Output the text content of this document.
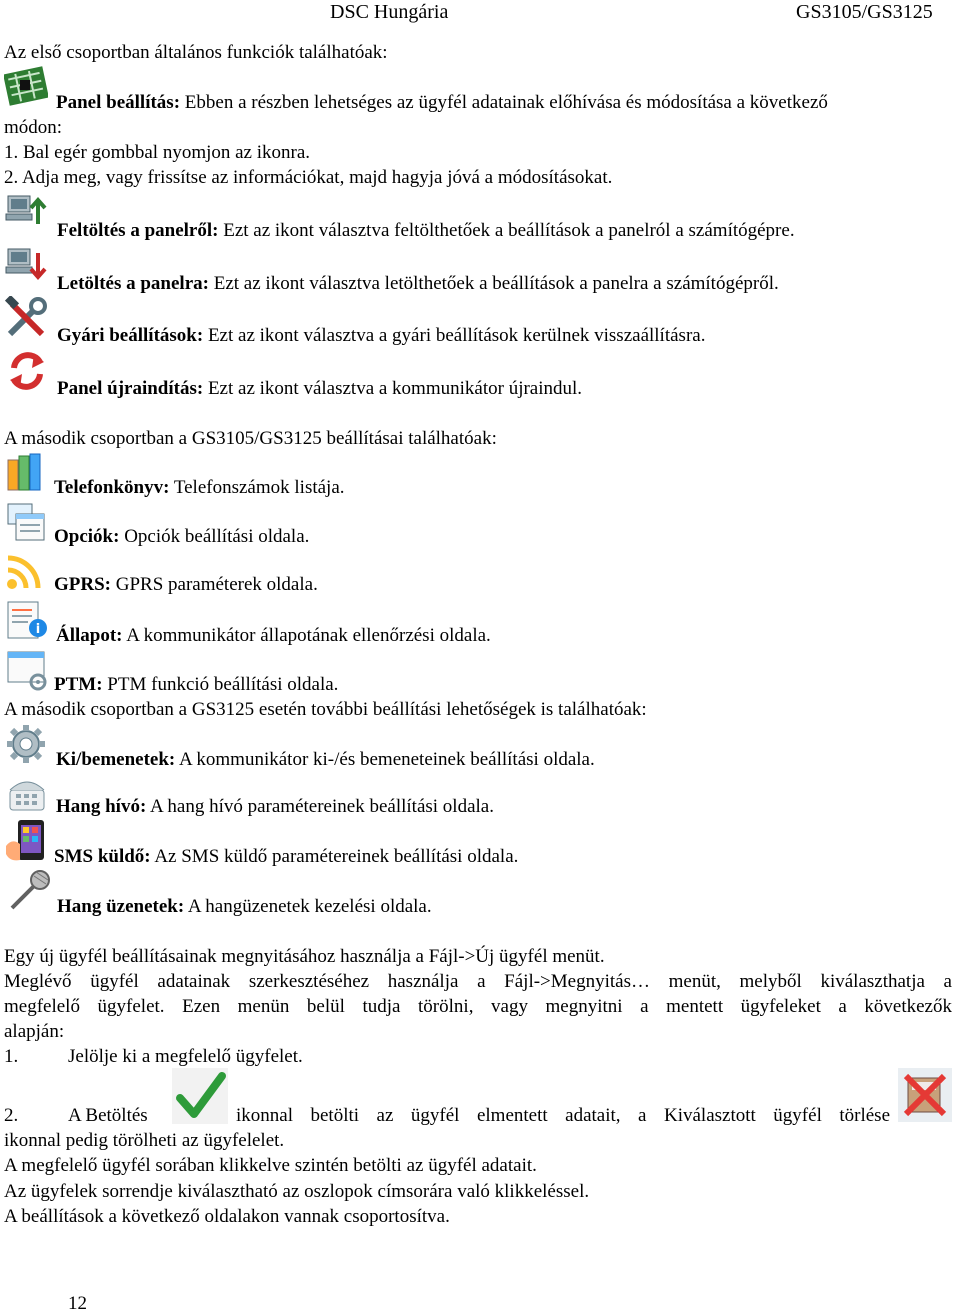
DSC Hungária	GS3105/GS3125
Az első csoportban általános funkciók találhatóak:
Panel beállítás: Ebben a részben lehetséges az ügyfél adatainak előhívása és módosítása a következő
módon:
1. Bal egér gombbal nyomjon az ikonra.
2. Adja meg, vagy frissítse az információkat, majd hagyja jóvá a módosításokat.
Feltöltés a panelről: Ezt az ikont választva feltölthetőek a beállítások a panelról a számítógépre.
Letöltés a panelra: Ezt az ikont választva letölthetőek a beállítások a panelra a számítógépről.
Gyári beállítások: Ezt az ikont választva a gyári beállítások kerülnek visszaállításra.
Panel újraindítás: Ezt az ikont választva a kommunikátor újraindul.
A második csoportban a GS3105/GS3125 beállításai találhatóak:
Telefonkönyv: Telefonszámok listája.
Opciók: Opciók beállítási oldala.
GPRS: GPRS paraméterek oldala.
i Állapot: A kommunikátor állapotának ellenőrzési oldala.
PTM: PTM funkció beállítási oldala.
A második csoportban a GS3125 esetén további beállítási lehetőségek is találhatóak:
Ki/bemenetek: A kommunikátor ki-/és bemeneteinek beállítási oldala.
Hang hívó: A hang hívó paramétereinek beállítási oldala.
SMS küldő: Az SMS küldő paramétereinek beállítási oldala.
Hang üzenetek: A hangüzenetek kezelési oldala.
Egy új ügyfél beállításainak megnyitásához használja a Fájl->Új ügyfél menüt.
Meglévő ügyfél adatainak szerkesztéséhez használja a Fájl->Megnyitás… menüt, melyből kiválaszthatja a
megfelelő ügyfelet. Ezen menün belül tudja törölni, vagy megnyitni a mentett ügyfeleket a következők
alapján:
1.	Jelölje ki a megfelelő ügyfelet.
2.	A Betöltés	ikonnal betölti az ügyfél elmentett adatait, a Kiválasztott ügyfél törlése
ikonnal pedig törölheti az ügyfelelet.
A megfelelő ügyfél sorában klikkelve szintén betölti az ügyfél adatait.
Az ügyfelek sorrendje kiválasztható az oszlopok címsorára való klikkeléssel.
A beállítások a következő oldalakon vannak csoportosítva.
12
